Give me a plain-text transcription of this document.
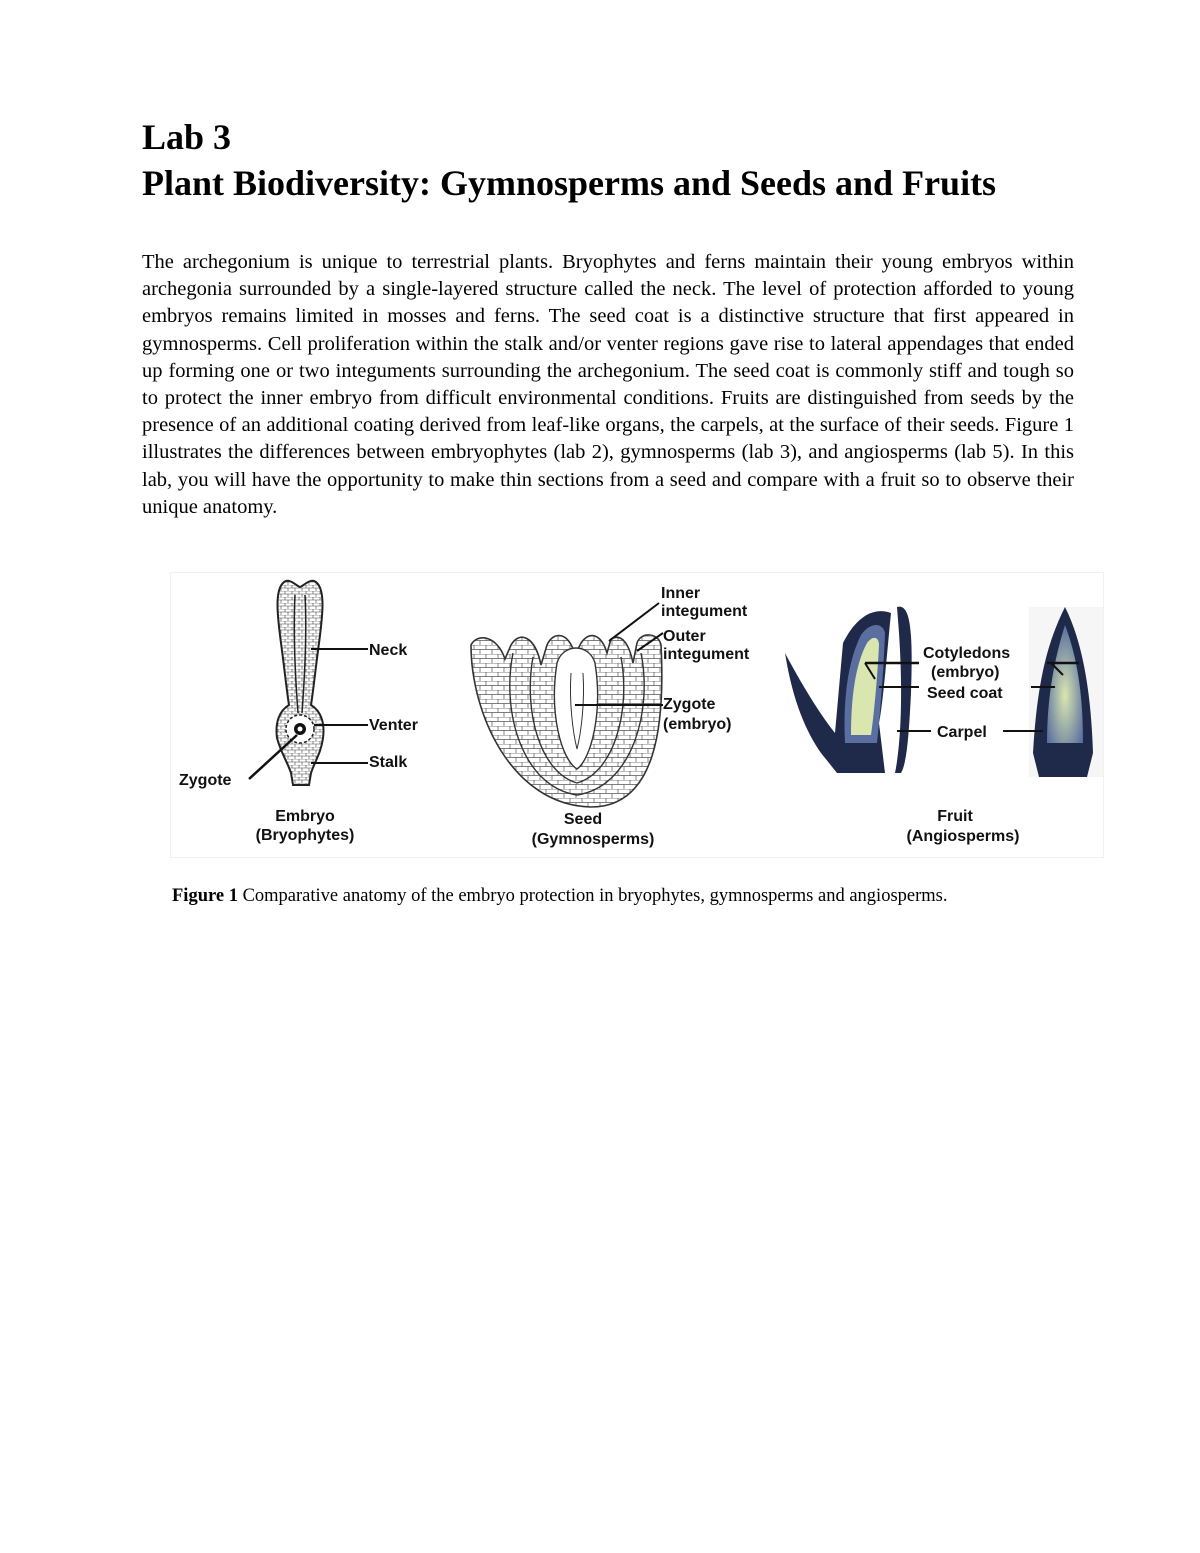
Lab 3
Plant Biodiversity: Gymnosperms and Seeds and Fruits

The archegonium is unique to terrestrial plants. Bryophytes and ferns maintain their young embryos within archegonia surrounded by a single-layered structure called the neck. The level of protection afforded to young embryos remains limited in mosses and ferns. The seed coat is a distinctive structure that first appeared in gymnosperms. Cell proliferation within the stalk and/or venter regions gave rise to lateral appendages that ended up forming one or two integuments surrounding the archegonium. The seed coat is commonly stiff and tough so to protect the inner embryo from difficult environmental conditions. Fruits are distinguished from seeds by the presence of an additional coating derived from leaf-like organs, the carpels, at the surface of their seeds. Figure 1 illustrates the differences between embryophytes (lab 2), gymnosperms (lab 3), and angiosperms (lab 5). In this lab, you will have the opportunity to make thin sections from a seed and compare with a fruit so to observe their unique anatomy.

Neck
Venter
Stalk
Zygote
Embryo
(Bryophytes)
Inner
integument
Outer
integument
Zygote
(embryo)
Seed
(Gymnosperms)
Cotyledons
(embryo)
Seed coat
Carpel
Fruit
(Angiosperms)
Figure 1 Comparative anatomy of the embryo protection in bryophytes, gymnosperms and angiosperms.
